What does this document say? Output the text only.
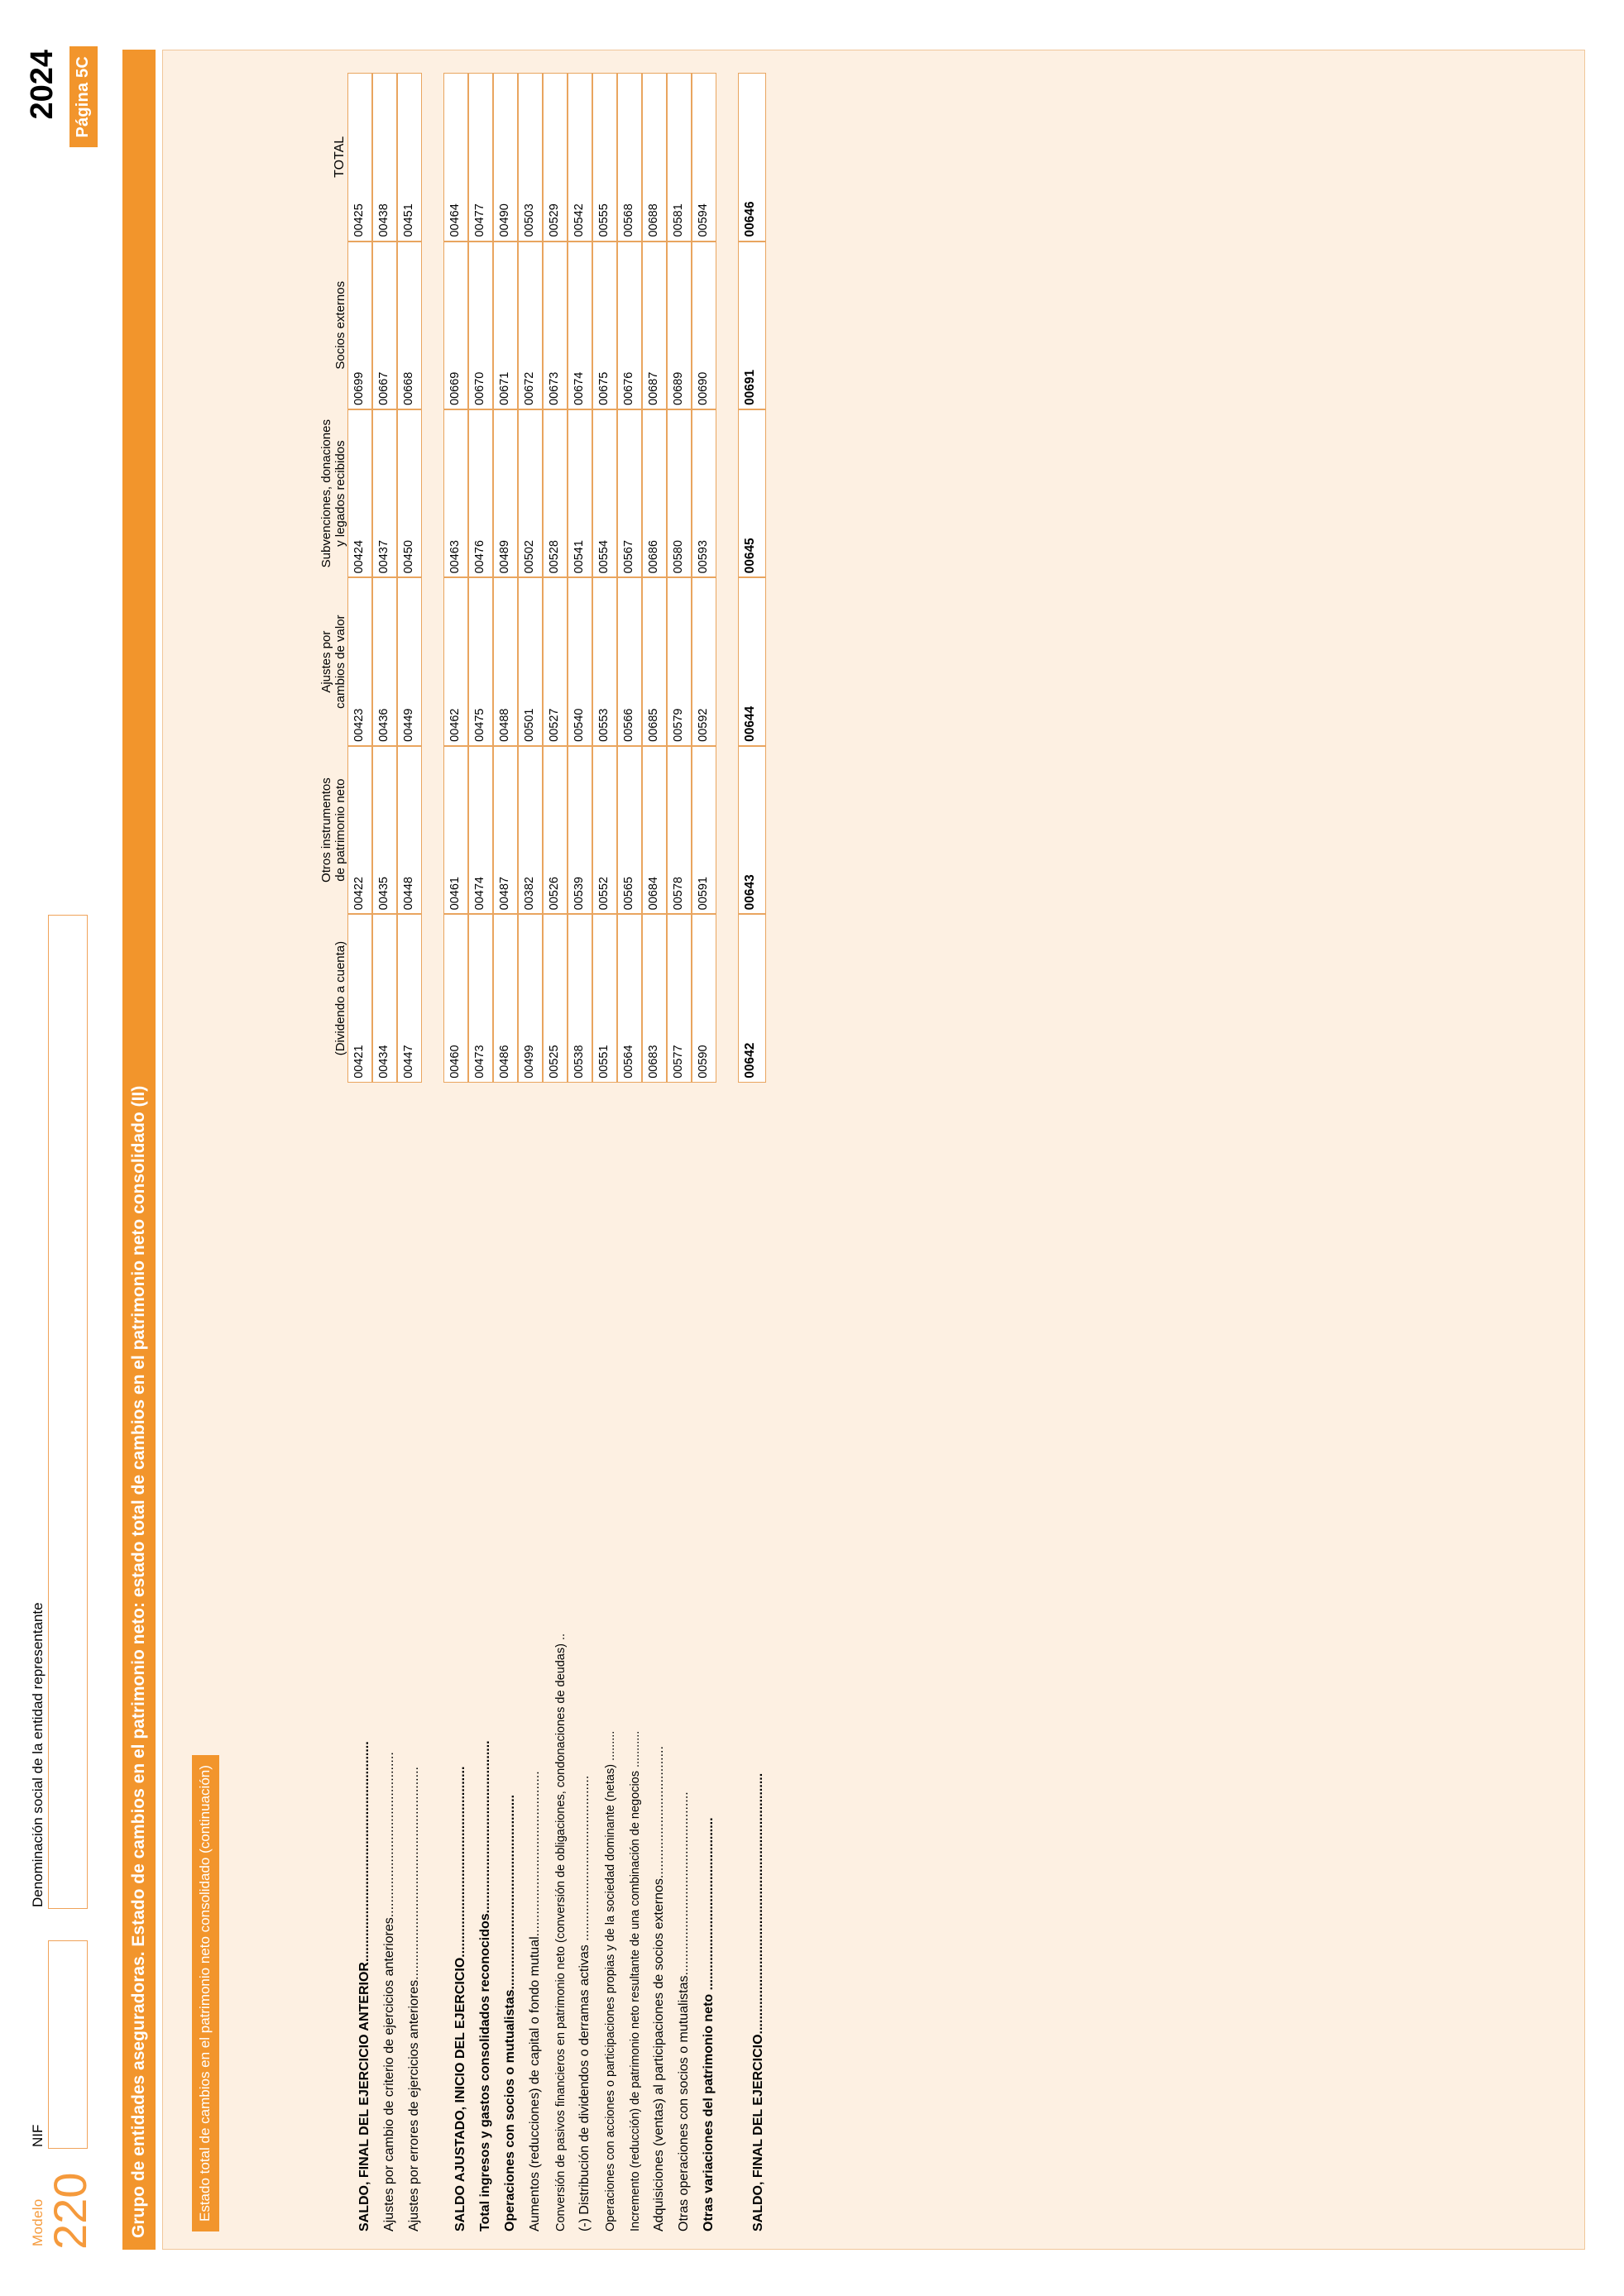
Modelo
220
NIF
Denominación social de la entidad representante
2024 Página 5C
Grupo de entidades aseguradoras. Estado de cambios en el patrimonio neto: estado total de cambios en el patrimonio neto consolidado (II)	Estado total de cambios en el patrimonio neto consolidado (continuación)
	(Dividendo a cuenta)	Otros instrumentos
de patrimonio neto	Ajustes por
cambios de valor	Subvenciones, donaciones
y legados recibidos	Socios externos	TOTAL
SALDO, FINAL DEL EJERCICIO ANTERIOR............................................................	00421	00422	00423	00424	00699	00425

Ajustes por cambio de criterio de ejercicios anteriores.............................................	00434	00435	00436	00437	00667	00438

Ajustes por errores de ejercicios anteriores..........................................................	00447	00448	00449	00450	00668	00451

SALDO AJUSTADO, INICIO DEL EJERCICIO....................................................	00460	00461	00462	00463	00669	00464

Total ingresos y gastos consolidados reconocidos...............................................	00473	00474	00475	00476	00670	00477

Operaciones con socios o mutualistas.....................................................	00486	00487	00488	00489	00671	00490

Aumentos (reducciones) de capital o fondo mutual.............................................	00499	00382	00501	00502	00672	00503

Conversión de pasivos financieros en patrimonio neto (conversión de obligaciones, condonaciones de deudas) ..	00525	00526	00527	00528	00673	00529

(-) Distribución de dividendos o derramas activas .............................................	00538	00539	00540	00541	00674	00542

Operaciones con acciones o participaciones propias y de la sociedad dominante (netas) .........	00551	00552	00553	00554	00675	00555

Incremento (reducción) de patrimonio neto resultante de una combinación de negocios ...........	00564	00565	00566	00567	00676	00568

Adquisiciones (ventas) al participaciones de socios externos....................................	00683	00684	00685	00686	00687	00688

Otras operaciones con socios o mutualistas..................................................	00577	00578	00579	00580	00689	00581

Otras variaciones del patrimonio neto ...............................................	00590	00591	00592	00593	00690	00594

SALDO, FINAL DEL EJERCICIO.......................................................................	00642	00643	00644	00645	00691	00646
